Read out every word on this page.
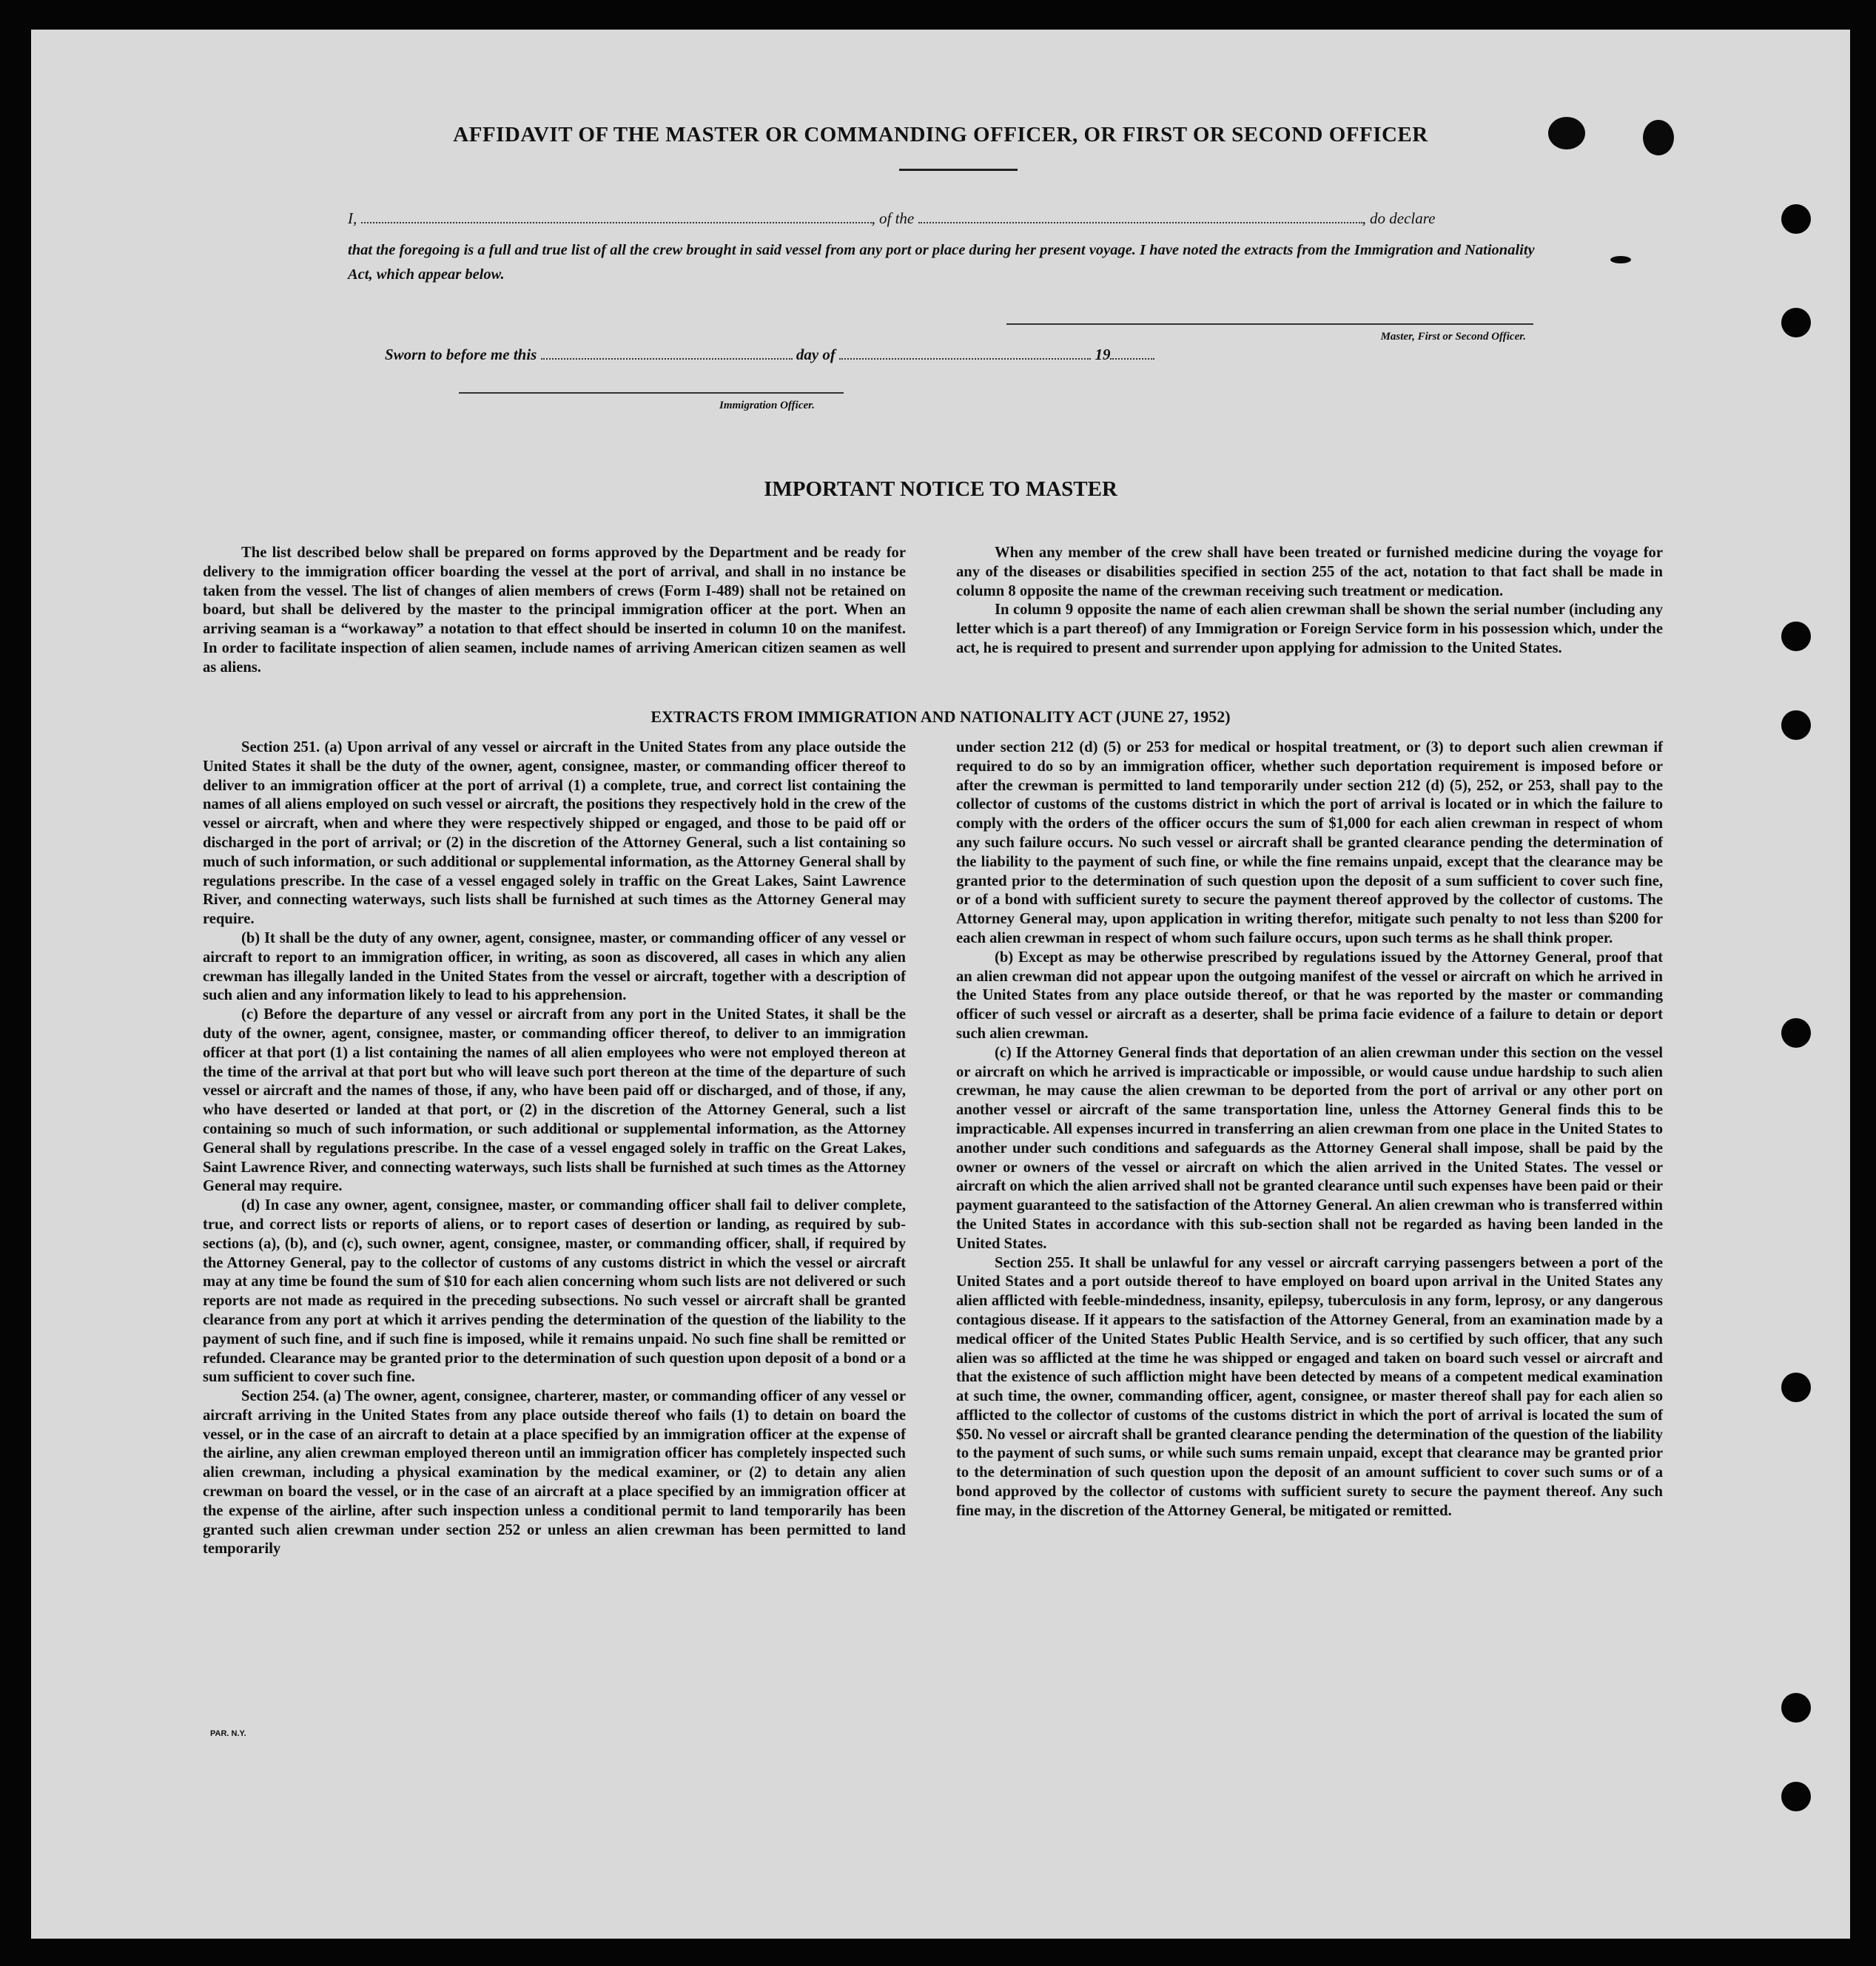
AFFIDAVIT OF THE MASTER OR COMMANDING OFFICER, OR FIRST OR SECOND OFFICER
I,	, of the	, do declare
that the foregoing is a full and true list of all the crew brought in said vessel from any port or place during her present voyage. I have noted the extracts from the Immigration and Nationality Act, which appear below.
Master, First or Second Officer.
Sworn to before me this	day of	19
Immigration Officer.
IMPORTANT NOTICE TO MASTER

The list described below shall be prepared on forms approved by the Department and be ready for delivery to the immigration officer boarding the vessel at the port of arrival, and shall in no instance be taken from the vessel. The list of changes of alien members of crews (Form I-489) shall not be retained on board, but shall be delivered by the master to the principal immigration officer at the port. When an arriving seaman is a “workaway” a notation to that effect should be inserted in column 10 on the manifest. In order to facilitate inspection of alien seamen, include names of arriving American citizen seamen as well as aliens.

When any member of the crew shall have been treated or furnished medicine during the voyage for any of the diseases or disabilities specified in section 255 of the act, notation to that fact shall be made in column 8 opposite the name of the crewman receiving such treatment or medication.

In column 9 opposite the name of each alien crewman shall be shown the serial number (including any letter which is a part thereof) of any Immigration or Foreign Service form in his possession which, under the act, he is required to present and surrender upon applying for admission to the United States.

EXTRACTS FROM IMMIGRATION AND NATIONALITY ACT (JUNE 27, 1952)

Section 251. (a) Upon arrival of any vessel or aircraft in the United States from any place outside the United States it shall be the duty of the owner, agent, consignee, master, or commanding officer thereof to deliver to an immigration officer at the port of arrival (1) a complete, true, and correct list containing the names of all aliens employed on such vessel or aircraft, the positions they respectively hold in the crew of the vessel or aircraft, when and where they were respectively shipped or engaged, and those to be paid off or discharged in the port of arrival; or (2) in the discretion of the Attorney General, such a list containing so much of such information, or such additional or supplemental information, as the Attorney General shall by regulations prescribe. In the case of a vessel engaged solely in traffic on the Great Lakes, Saint Lawrence River, and connecting waterways, such lists shall be furnished at such times as the Attorney General may require.

(b) It shall be the duty of any owner, agent, consignee, master, or commanding officer of any vessel or aircraft to report to an immigration officer, in writing, as soon as discovered, all cases in which any alien crewman has illegally landed in the United States from the vessel or aircraft, together with a description of such alien and any information likely to lead to his apprehension.

(c) Before the departure of any vessel or aircraft from any port in the United States, it shall be the duty of the owner, agent, consignee, master, or commanding officer thereof, to deliver to an immigration officer at that port (1) a list containing the names of all alien employees who were not employed thereon at the time of the arrival at that port but who will leave such port thereon at the time of the departure of such vessel or aircraft and the names of those, if any, who have been paid off or discharged, and of those, if any, who have deserted or landed at that port, or (2) in the discretion of the Attorney General, such a list containing so much of such information, or such additional or supplemental information, as the Attorney General shall by regulations prescribe. In the case of a vessel engaged solely in traffic on the Great Lakes, Saint Lawrence River, and connecting waterways, such lists shall be furnished at such times as the Attorney General may require.

(d) In case any owner, agent, consignee, master, or commanding officer shall fail to deliver complete, true, and correct lists or reports of aliens, or to report cases of desertion or landing, as required by sub-sections (a), (b), and (c), such owner, agent, consignee, master, or commanding officer, shall, if required by the Attorney General, pay to the collector of customs of any customs district in which the vessel or aircraft may at any time be found the sum of $10 for each alien concerning whom such lists are not delivered or such reports are not made as required in the preceding subsections. No such vessel or aircraft shall be granted clearance from any port at which it arrives pending the determination of the question of the liability to the payment of such fine, and if such fine is imposed, while it remains unpaid. No such fine shall be remitted or refunded. Clearance may be granted prior to the determination of such question upon deposit of a bond or a sum sufficient to cover such fine.

Section 254. (a) The owner, agent, consignee, charterer, master, or commanding officer of any vessel or aircraft arriving in the United States from any place outside thereof who fails (1) to detain on board the vessel, or in the case of an aircraft to detain at a place specified by an immigration officer at the expense of the airline, any alien crewman employed thereon until an immigration officer has completely inspected such alien crewman, including a physical examination by the medical examiner, or (2) to detain any alien crewman on board the vessel, or in the case of an aircraft at a place specified by an immigration officer at the expense of the airline, after such inspection unless a conditional permit to land temporarily has been granted such alien crewman under section 252 or unless an alien crewman has been permitted to land temporarily

under section 212 (d) (5) or 253 for medical or hospital treatment, or (3) to deport such alien crewman if required to do so by an immigration officer, whether such deportation requirement is imposed before or after the crewman is permitted to land temporarily under section 212 (d) (5), 252, or 253, shall pay to the collector of customs of the customs district in which the port of arrival is located or in which the failure to comply with the orders of the officer occurs the sum of $1,000 for each alien crewman in respect of whom any such failure occurs. No such vessel or aircraft shall be granted clearance pending the determination of the liability to the payment of such fine, or while the fine remains unpaid, except that the clearance may be granted prior to the determination of such question upon the deposit of a sum sufficient to cover such fine, or of a bond with sufficient surety to secure the payment thereof approved by the collector of customs. The Attorney General may, upon application in writing therefor, mitigate such penalty to not less than $200 for each alien crewman in respect of whom such failure occurs, upon such terms as he shall think proper.

(b) Except as may be otherwise prescribed by regulations issued by the Attorney General, proof that an alien crewman did not appear upon the outgoing manifest of the vessel or aircraft on which he arrived in the United States from any place outside thereof, or that he was reported by the master or commanding officer of such vessel or aircraft as a deserter, shall be prima facie evidence of a failure to detain or deport such alien crewman.

(c) If the Attorney General finds that deportation of an alien crewman under this section on the vessel or aircraft on which he arrived is impracticable or impossible, or would cause undue hardship to such alien crewman, he may cause the alien crewman to be deported from the port of arrival or any other port on another vessel or aircraft of the same transportation line, unless the Attorney General finds this to be impracticable. All expenses incurred in transferring an alien crewman from one place in the United States to another under such conditions and safeguards as the Attorney General shall impose, shall be paid by the owner or owners of the vessel or aircraft on which the alien arrived in the United States. The vessel or aircraft on which the alien arrived shall not be granted clearance until such expenses have been paid or their payment guaranteed to the satisfaction of the Attorney General. An alien crewman who is transferred within the United States in accordance with this sub-section shall not be regarded as having been landed in the United States.

Section 255. It shall be unlawful for any vessel or aircraft carrying passengers between a port of the United States and a port outside thereof to have employed on board upon arrival in the United States any alien afflicted with feeble-mindedness, insanity, epilepsy, tuberculosis in any form, leprosy, or any dangerous contagious disease. If it appears to the satisfaction of the Attorney General, from an examination made by a medical officer of the United States Public Health Service, and is so certified by such officer, that any such alien was so afflicted at the time he was shipped or engaged and taken on board such vessel or aircraft and that the existence of such affliction might have been detected by means of a competent medical examination at such time, the owner, commanding officer, agent, consignee, or master thereof shall pay for each alien so afflicted to the collector of customs of the customs district in which the port of arrival is located the sum of $50. No vessel or aircraft shall be granted clearance pending the determination of the question of the liability to the payment of such sums, or while such sums remain unpaid, except that clearance may be granted prior to the determination of such question upon the deposit of an amount sufficient to cover such sums or of a bond approved by the collector of customs with sufficient surety to secure the payment thereof. Any such fine may, in the discretion of the Attorney General, be mitigated or remitted.

PAR. N.Y.
